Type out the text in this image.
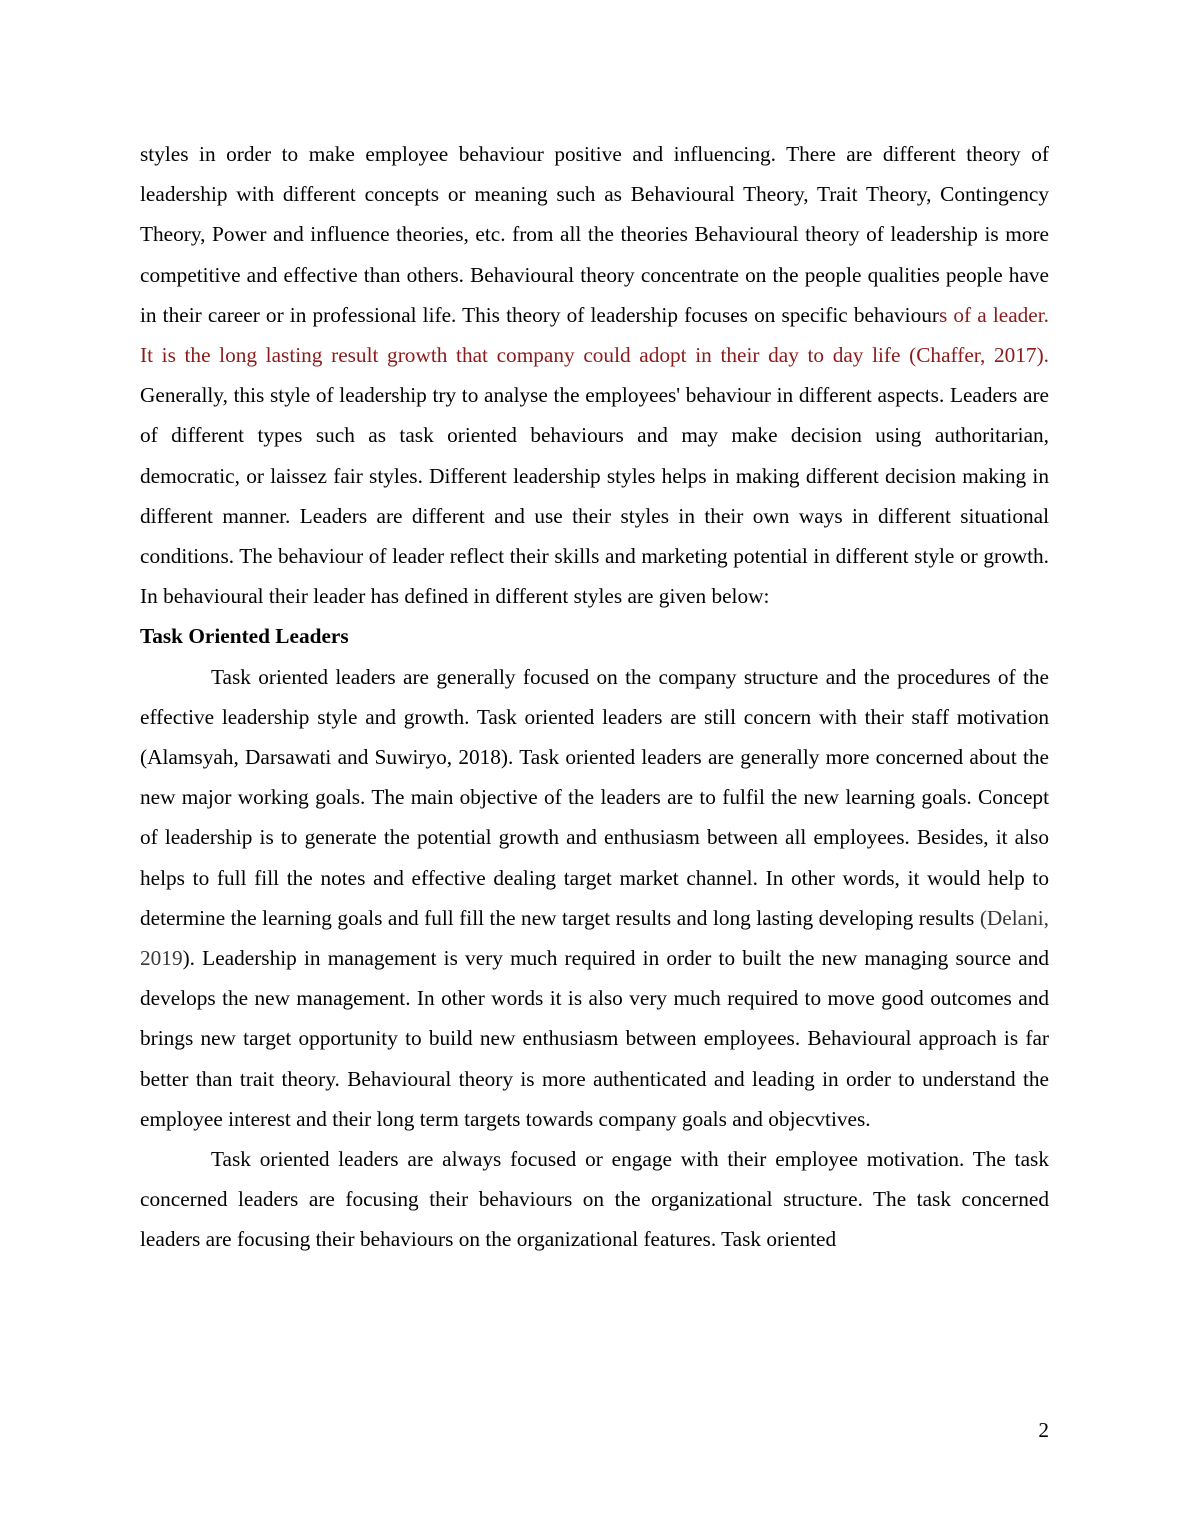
styles in order to make employee behaviour positive and influencing. There are different theory of leadership with different concepts or meaning such as Behavioural Theory, Trait Theory, Contingency Theory, Power and influence theories, etc. from all the theories Behavioural theory of leadership is more competitive and effective than others. Behavioural theory concentrate on the people qualities people have in their career or in professional life. This theory of leadership focuses on specific behaviours of a leader. It is the long lasting result growth that company could adopt in their day to day life (Chaffer, 2017). Generally, this style of leadership try to analyse the employees' behaviour in different aspects. Leaders are of different types such as task oriented behaviours and may make decision using authoritarian, democratic, or laissez fair styles. Different leadership styles helps in making different decision making in different manner. Leaders are different and use their styles in their own ways in different situational conditions. The behaviour of leader reflect their skills and marketing potential in different style or growth. In behavioural their leader has defined in different styles are given below:

Task Oriented Leaders

Task oriented leaders are generally focused on the company structure and the procedures of the effective leadership style and growth. Task oriented leaders are still concern with their staff motivation (Alamsyah, Darsawati and Suwiryo, 2018). Task oriented leaders are generally more concerned about the new major working goals. The main objective of the leaders are to fulfil the new learning goals. Concept of leadership is to generate the potential growth and enthusiasm between all employees. Besides, it also helps to full fill the notes and effective dealing target market channel. In other words, it would help to determine the learning goals and full fill the new target results and long lasting developing results (Delani, 2019). Leadership in management is very much required in order to built the new managing source and develops the new management. In other words it is also very much required to move good outcomes and brings new target opportunity to build new enthusiasm between employees. Behavioural approach is far better than trait theory. Behavioural theory is more authenticated and leading in order to understand the employee interest and their long term targets towards company goals and objecvtives.

Task oriented leaders are always focused or engage with their employee motivation. The task concerned leaders are focusing their behaviours on the organizational structure. The task concerned leaders are focusing their behaviours on the organizational features. Task oriented

2
